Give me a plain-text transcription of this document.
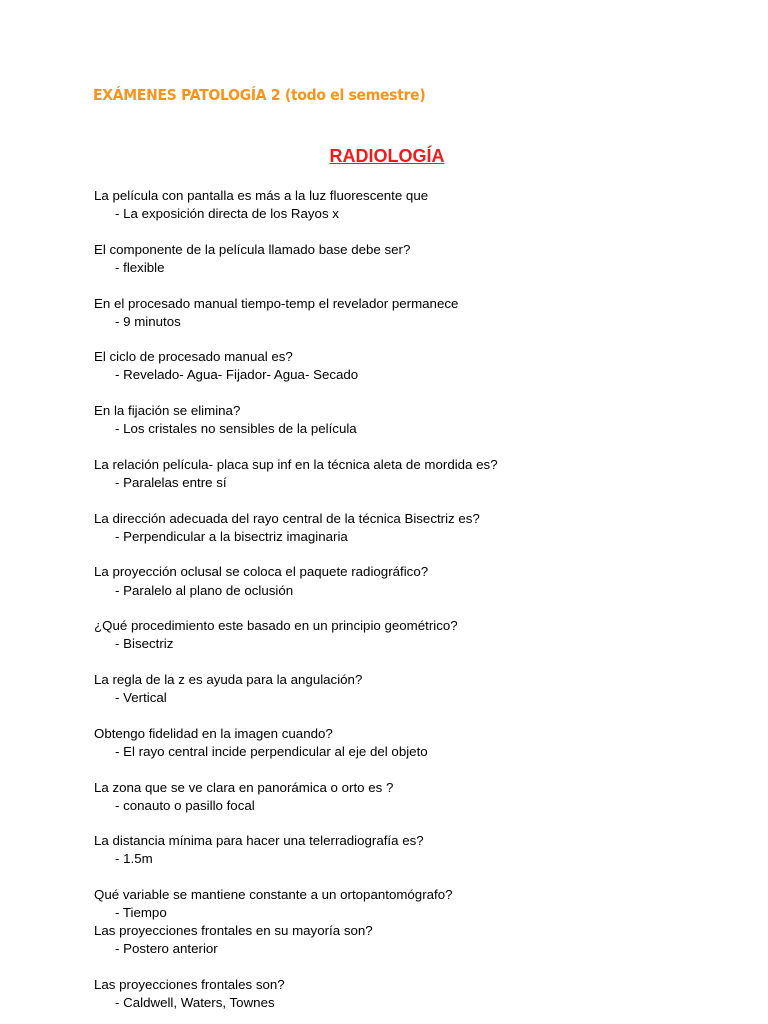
EXÁMENES PATOLOGÍA 2 (todo el semestre)
RADIOLOGÍA
La película con pantalla es más a la luz fluorescente que
- La exposición directa de los Rayos x
El componente de la película llamado base debe ser?
- flexible
En el procesado manual tiempo-temp el revelador permanece
- 9 minutos
El ciclo de procesado manual es?
- Revelado- Agua- Fijador- Agua- Secado
En la fijación se elimina?
- Los cristales no sensibles de la película
La relación película- placa sup inf en la técnica aleta de mordida es?
- Paralelas entre sí
La dirección adecuada del rayo central de la técnica Bisectriz es?
- Perpendicular a la bisectriz imaginaria
La proyección oclusal se coloca el paquete radiográfico?
- Paralelo al plano de oclusión
¿Qué procedimiento este basado en un principio geométrico?
- Bisectriz
La regla de la z es ayuda para la angulación?
- Vertical
Obtengo fidelidad en la imagen cuando?
- El rayo central incide perpendicular al eje del objeto
La zona que se ve clara en panorámica o orto es ?
- conauto o pasillo focal
La distancia mínima para hacer una telerradiografía es?
- 1.5m
Qué variable se mantiene constante a un ortopantomógrafo?
- Tiempo
Las proyecciones frontales en su mayoría son?
- Postero anterior
Las proyecciones frontales son?
- Caldwell, Waters, Townes
